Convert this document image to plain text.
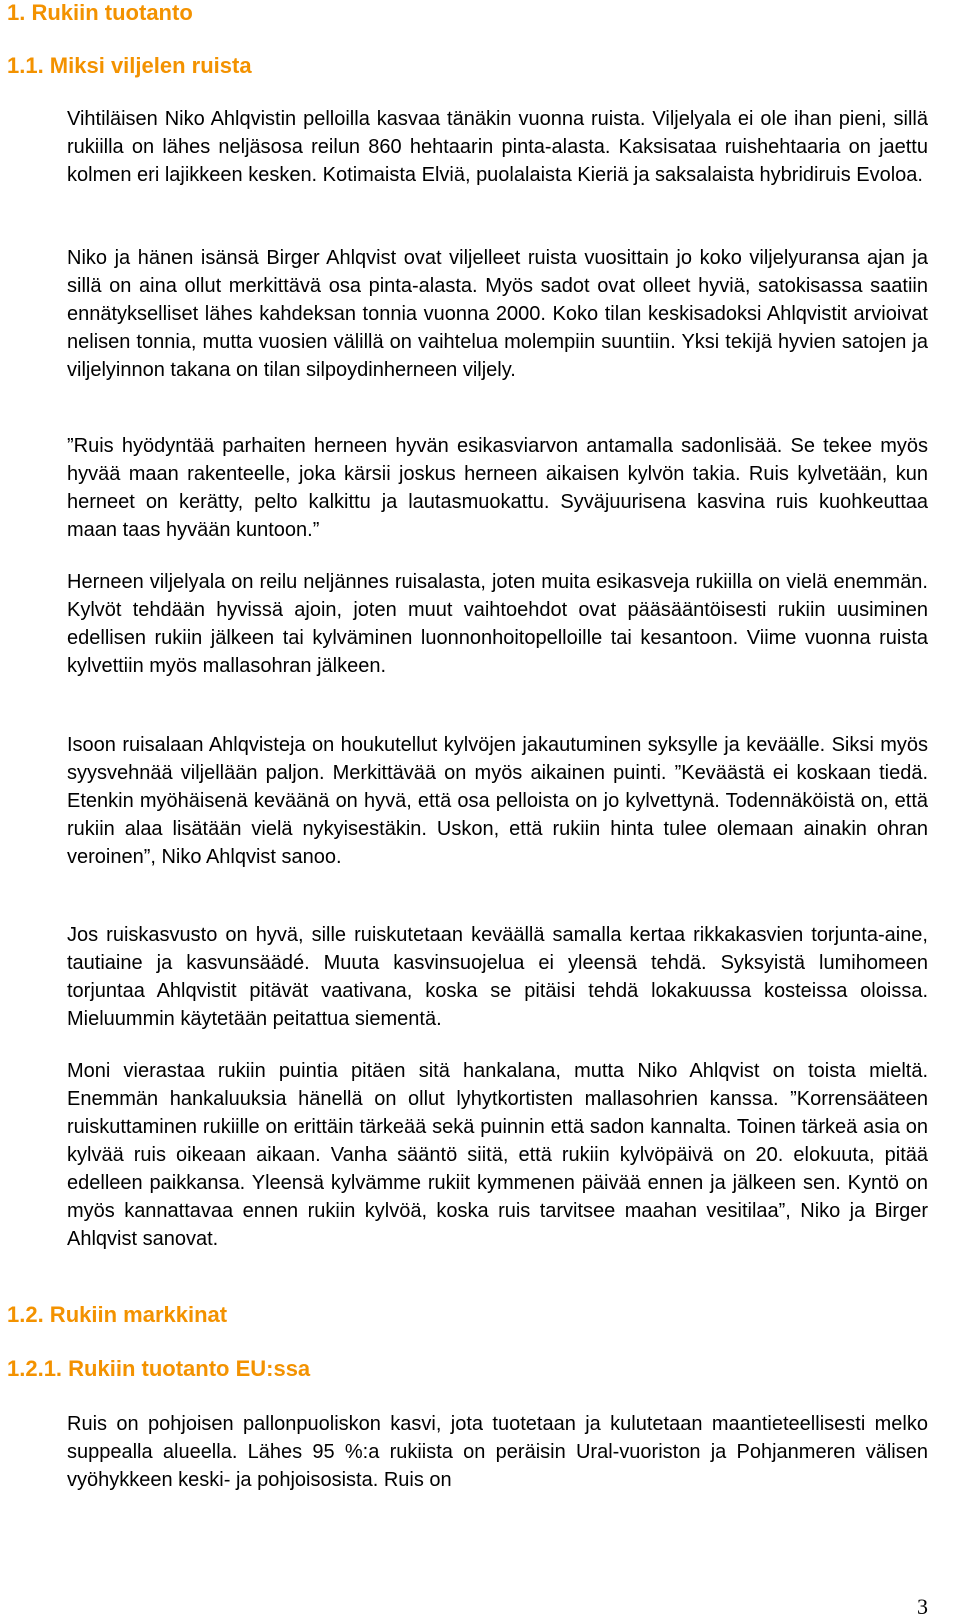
1. Rukiin tuotanto
1.1. Miksi viljelen ruista

Vihtiläisen Niko Ahlqvistin pelloilla kasvaa tänäkin vuonna ruista. Viljelyala ei ole ihan pieni, sillä rukiilla on lähes neljäsosa reilun 860 hehtaarin pinta-alasta. Kaksisataa ruishehtaaria on jaettu kolmen eri lajikkeen kesken. Kotimaista Elviä, puolalaista Kieriä ja saksalaista hybridiruis Evoloa.

Niko ja hänen isänsä Birger Ahlqvist ovat viljelleet ruista vuosittain jo koko viljelyuransa ajan ja sillä on aina ollut merkittävä osa pinta-alasta. Myös sadot ovat olleet hyviä, satokisassa saatiin ennätykselliset lähes kahdeksan tonnia vuonna 2000. Koko tilan keskisadoksi Ahlqvistit arvioivat nelisen tonnia, mutta vuosien välillä on vaihtelua molempiin suuntiin. Yksi tekijä hyvien satojen ja viljelyinnon takana on tilan silpoydinherneen viljely.

”Ruis hyödyntää parhaiten herneen hyvän esikasviarvon antamalla sadonlisää. Se tekee myös hyvää maan rakenteelle, joka kärsii joskus herneen aikaisen kylvön takia. Ruis kylvetään, kun herneet on kerätty, pelto kalkittu ja lautasmuokattu. Syväjuurisena kasvina ruis kuohkeuttaa maan taas hyvään kuntoon.”

Herneen viljelyala on reilu neljännes ruisalasta, joten muita esikasveja rukiilla on vielä enemmän. Kylvöt tehdään hyvissä ajoin, joten muut vaihtoehdot ovat pääsääntöisesti rukiin uusiminen edellisen rukiin jälkeen tai kylväminen luonnonhoitopelloille tai kesantoon. Viime vuonna ruista kylvettiin myös mallasohran jälkeen.

Isoon ruisalaan Ahlqvisteja on houkutellut kylvöjen jakautuminen syksylle ja keväälle. Siksi myös syysvehnää viljellään paljon. Merkittävää on myös aikainen puinti. ”Keväästä ei koskaan tiedä. Etenkin myöhäisenä keväänä on hyvä, että osa pelloista on jo kylvettynä. Todennäköistä on, että rukiin alaa lisätään vielä nykyisestäkin. Uskon, että rukiin hinta tulee olemaan ainakin ohran veroinen”, Niko Ahlqvist sanoo.

Jos ruiskasvusto on hyvä, sille ruiskutetaan keväällä samalla kertaa rikkakasvien torjunta-aine, tautiaine ja kasvunsäädé. Muuta kasvinsuojelua ei yleensä tehdä. Syksyistä lumihomeen torjuntaa Ahlqvistit pitävät vaativana, koska se pitäisi tehdä lokakuussa kosteissa oloissa. Mieluummin käytetään peitattua siementä.

Moni vierastaa rukiin puintia pitäen sitä hankalana, mutta Niko Ahlqvist on toista mieltä. Enemmän hankaluuksia hänellä on ollut lyhytkortisten mallasohrien kanssa. ”Korrensääteen ruiskuttaminen rukiille on erittäin tärkeää sekä puinnin että sadon kannalta. Toinen tärkeä asia on kylvää ruis oikeaan aikaan. Vanha sääntö siitä, että rukiin kylvöpäivä on 20. elokuuta, pitää edelleen paikkansa. Yleensä kylvämme rukiit kymmenen päivää ennen ja jälkeen sen. Kyntö on myös kannattavaa ennen rukiin kylvöä, koska ruis tarvitsee maahan vesitilaa”, Niko ja Birger Ahlqvist sanovat.

1.2. Rukiin markkinat
1.2.1. Rukiin tuotanto EU:ssa

Ruis on pohjoisen pallonpuoliskon kasvi, jota tuotetaan ja kulutetaan maantieteellisesti melko suppealla alueella. Lähes 95 %:a rukiista on peräisin Ural-vuoriston ja Pohjanmeren välisen vyöhykkeen keski- ja pohjoisosista. Ruis on

3
